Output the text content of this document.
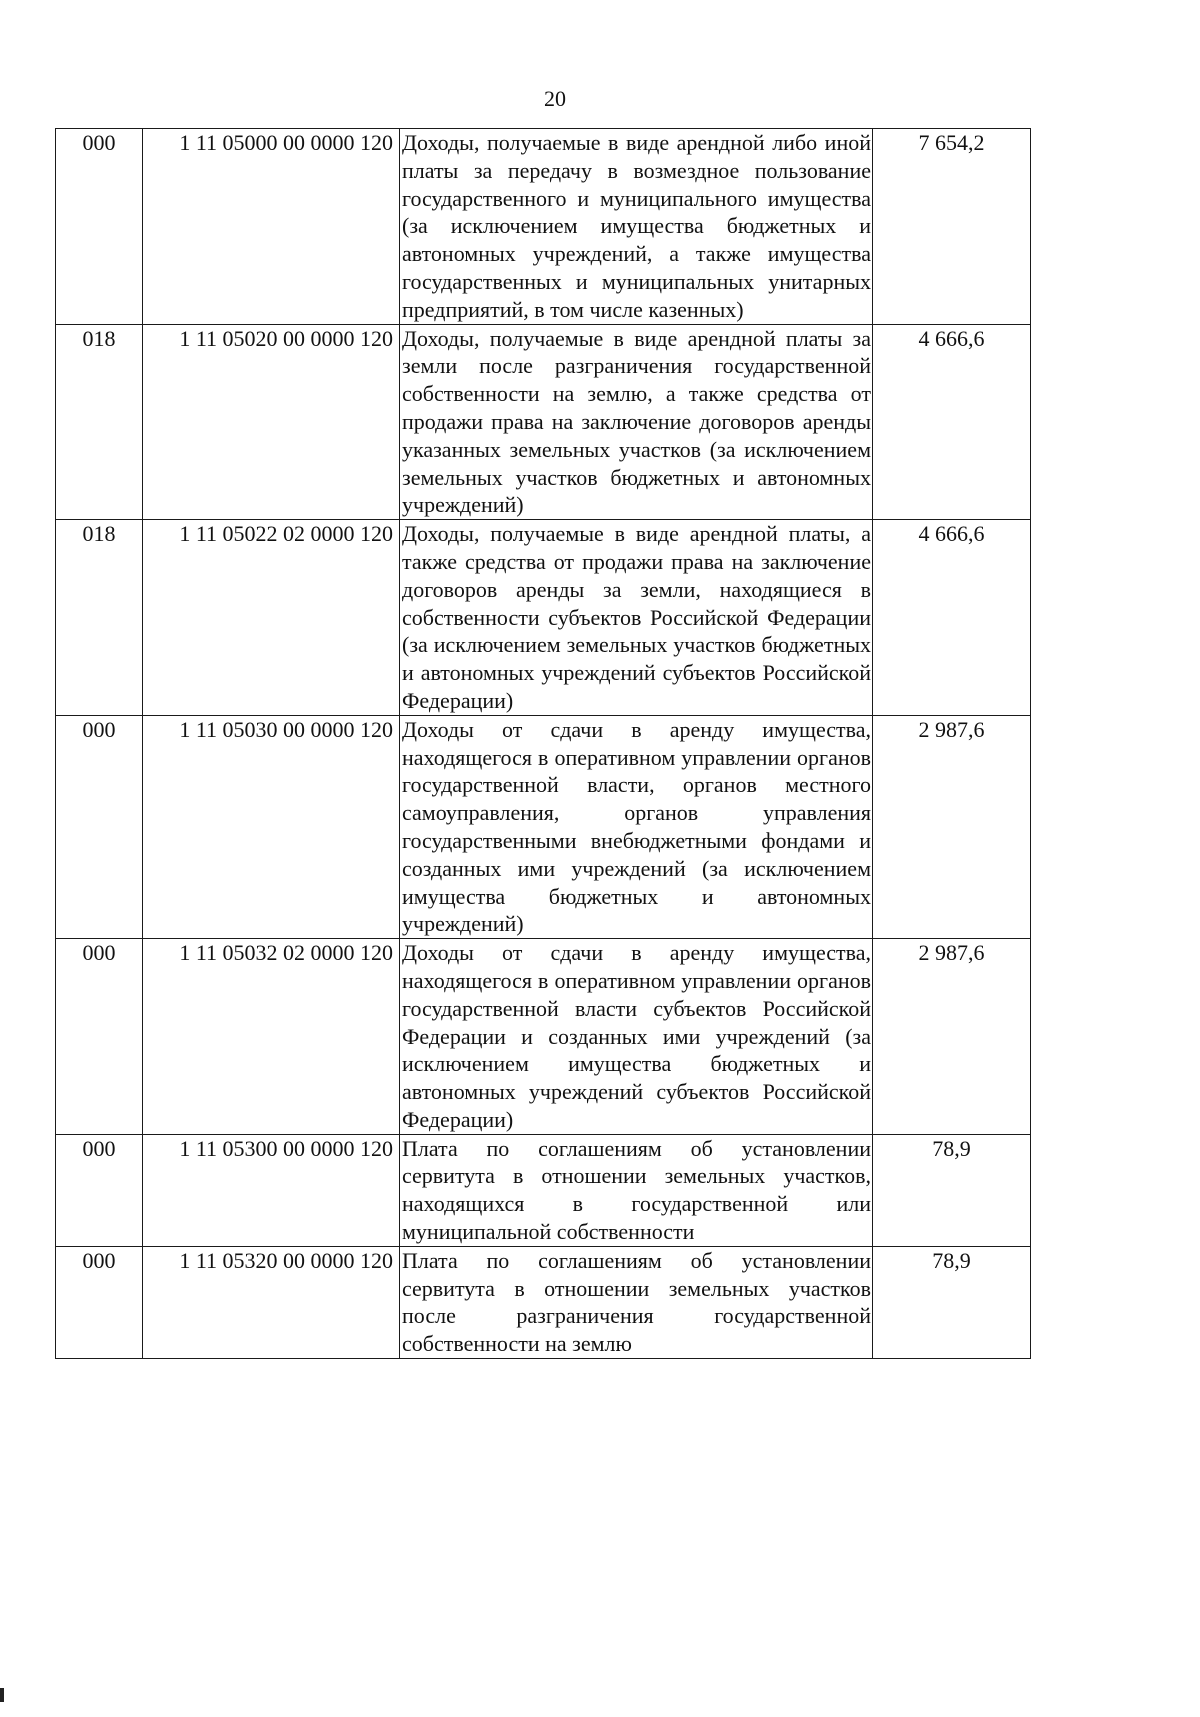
20
000	1 11 05000 00 0000 120	Доходы, получаемые в виде арендной либо иной платы за передачу в возмездное пользование государственного и муниципального имущества (за исключением имущества бюджетных и автономных учреждений, а также имущества государственных и муниципальных унитарных предприятий, в том числе казенных)	7 654,2
018	1 11 05020 00 0000 120	Доходы, получаемые в виде арендной платы за земли после разграничения государственной собственности на землю, а также средства от продажи права на заключение договоров аренды указанных земельных участков (за исключением земельных участков бюджетных и автономных учреждений)	4 666,6
018	1 11 05022 02 0000 120	Доходы, получаемые в виде арендной платы, а также средства от продажи права на заключение договоров аренды за земли, находящиеся в собственности субъектов Российской Федерации (за исключением земельных участков бюджетных и автономных учреждений субъектов Российской Федерации)	4 666,6
000	1 11 05030 00 0000 120	Доходы от сдачи в аренду имущества, находящегося в оперативном управлении органов государственной власти, органов местного самоуправления, органов управления государственными внебюджетными фондами и созданных ими учреждений (за исключением имущества бюджетных и автономных учреждений)	2 987,6
000	1 11 05032 02 0000 120	Доходы от сдачи в аренду имущества, находящегося в оперативном управлении органов государственной власти субъектов Российской Федерации и созданных ими учреждений (за исключением имущества бюджетных и автономных учреждений субъектов Российской Федерации)	2 987,6
000	1 11 05300 00 0000 120	Плата по соглашениям об установлении сервитута в отношении земельных участков, находящихся в государственной или муниципальной собственности	78,9
000	1 11 05320 00 0000 120	Плата по соглашениям об установлении сервитута в отношении земельных участков после разграничения государственной собственности на землю	78,9
